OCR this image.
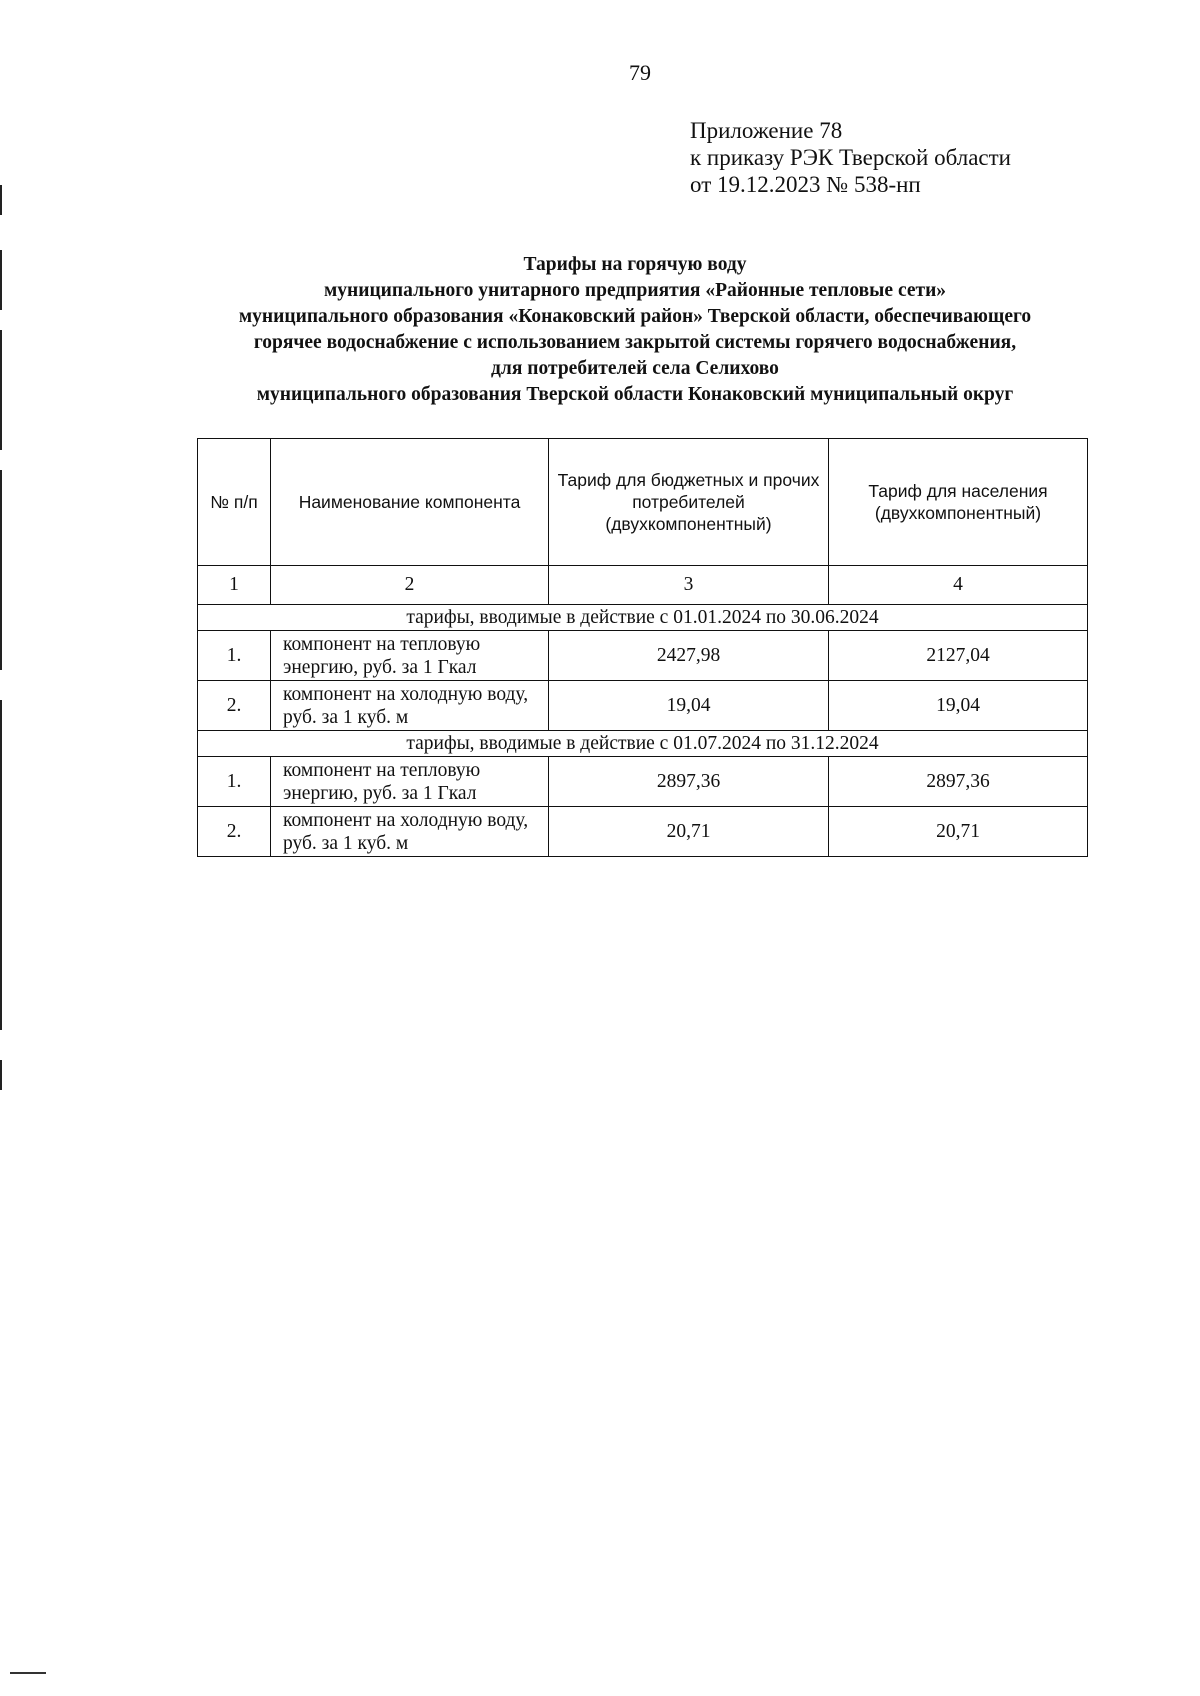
79
Приложение 78
к приказу РЭК Тверской области
от 19.12.2023 № 538-нп
Тарифы на горячую воду
муниципального унитарного предприятия «Районные тепловые сети»
муниципального образования «Конаковский район» Тверской области, обеспечивающего
горячее водоснабжение с использованием закрытой системы горячего водоснабжения,
для потребителей села Селихово
муниципального образования Тверской области Конаковский муниципальный округ
№ п/п	Наименование компонента	Тариф для бюджетных и прочих потребителей (двухкомпонентный)	Тариф для населения (двухкомпонентный)
1	2	3	4
тарифы, вводимые в действие с 01.01.2024 по 30.06.2024			
1.	компонент на тепловую энергию, руб. за 1 Гкал	2427,98	2127,04
2.	компонент на холодную воду, руб. за 1 куб. м	19,04	19,04
тарифы, вводимые в действие с 01.07.2024 по 31.12.2024			
1.	компонент на тепловую энергию, руб. за 1 Гкал	2897,36	2897,36
2.	компонент на холодную воду, руб. за 1 куб. м	20,71	20,71
